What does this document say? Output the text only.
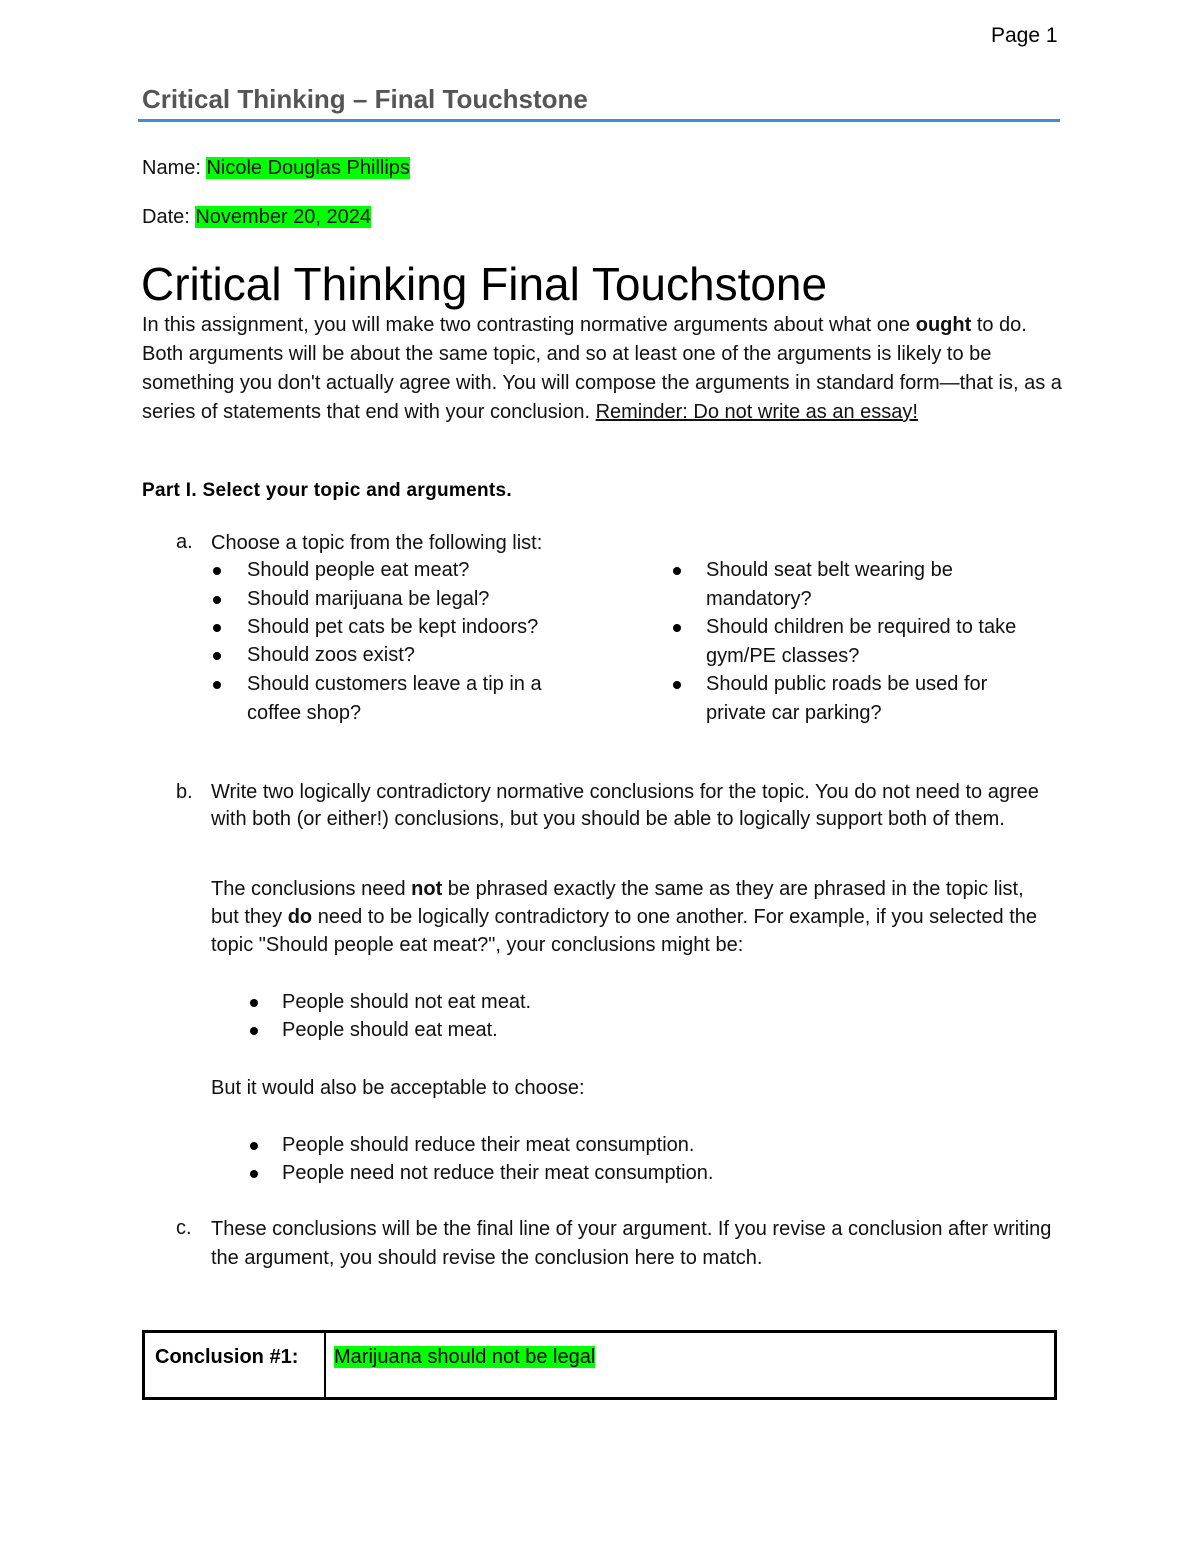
Page 1
Critical Thinking – Final Touchstone
Name: Nicole Douglas Phillips
Date: November 20, 2024
Critical Thinking Final Touchstone
In this assignment, you will make two contrasting normative arguments about what one ought to do. Both arguments will be about the same topic, and so at least one of the arguments is likely to be something you don't actually agree with. You will compose the arguments in standard form—that is, as a series of statements that end with your conclusion. Reminder: Do not write as an essay!
Part I. Select your topic and arguments.
a. Choose a topic from the following list:
Should people eat meat?
Should marijuana be legal?
Should pet cats be kept indoors?
Should zoos exist?
Should customers leave a tip in a coffee shop?
Should seat belt wearing be mandatory?
Should children be required to take gym/PE classes?
Should public roads be used for private car parking?
b. Write two logically contradictory normative conclusions for the topic. You do not need to agree with both (or either!) conclusions, but you should be able to logically support both of them.
The conclusions need not be phrased exactly the same as they are phrased in the topic list, but they do need to be logically contradictory to one another. For example, if you selected the topic "Should people eat meat?", your conclusions might be:
People should not eat meat.
People should eat meat.
But it would also be acceptable to choose:
People should reduce their meat consumption.
People need not reduce their meat consumption.
c. These conclusions will be the final line of your argument. If you revise a conclusion after writing the argument, you should revise the conclusion here to match.
Conclusion #1:	Marijuana should not be legal
